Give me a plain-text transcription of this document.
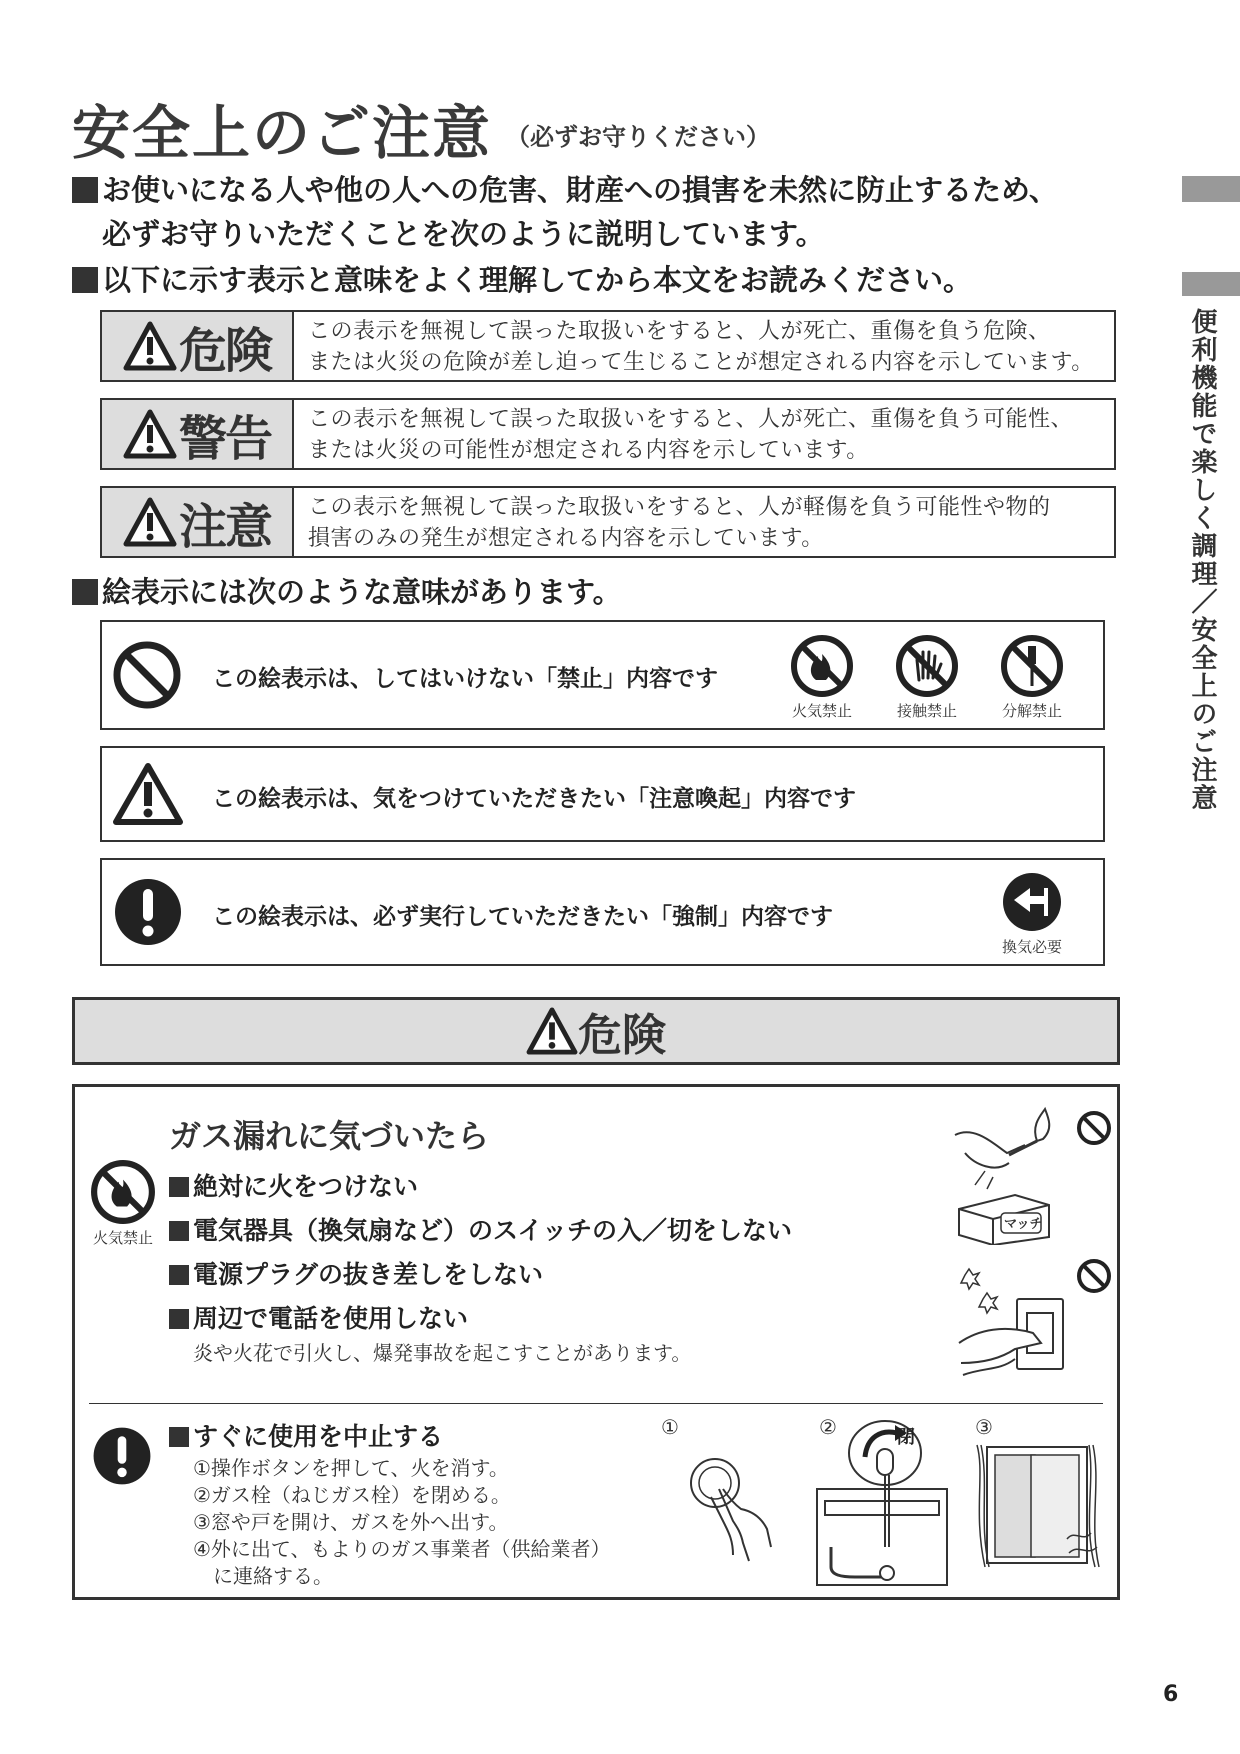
安全上のご注意 （必ずお守りください）
お使いになる人や他の人への危害、財産への損害を未然に防止するため、
必ずお守りいただくことを次のように説明しています。
以下に示す表示と意味をよく理解してから本文をお読みください。
危険 この表示を無視して誤った取扱いをすると、人が死亡、重傷を負う危険、
または火災の危険が差し迫って生じることが想定される内容を示しています。
警告 この表示を無視して誤った取扱いをすると、人が死亡、重傷を負う可能性、
または火災の可能性が想定される内容を示しています。
注意 この表示を無視して誤った取扱いをすると、人が軽傷を負う可能性や物的
損害のみの発生が想定される内容を示しています。
絵表示には次のような意味があります。
この絵表示は、してはいけない「禁止」内容です
火気禁止	接触禁止	分解禁止
この絵表示は、気をつけていただきたい「注意喚起」内容です
この絵表示は、必ず実行していただきたい「強制」内容です
換気必要
危険
火気禁止
ガス漏れに気づいたら
絶対に火をつけない
電気器具（換気扇など）のスイッチの入／切をしない
電源プラグの抜き差しをしない
周辺で電話を使用しない
炎や火花で引火し、爆発事故を起こすことがあります。
マッチ
すぐに使用を中止する
①操作ボタンを押して、火を消す。
②ガス栓（ねじガス栓）を閉める。
③窓や戸を開け、ガスを外へ出す。
④外に出て、もよりのガス事業者（供給業者）
に連絡する。
①	②	閉	③
便利機能で楽しく調理／安全上のご注意
6
